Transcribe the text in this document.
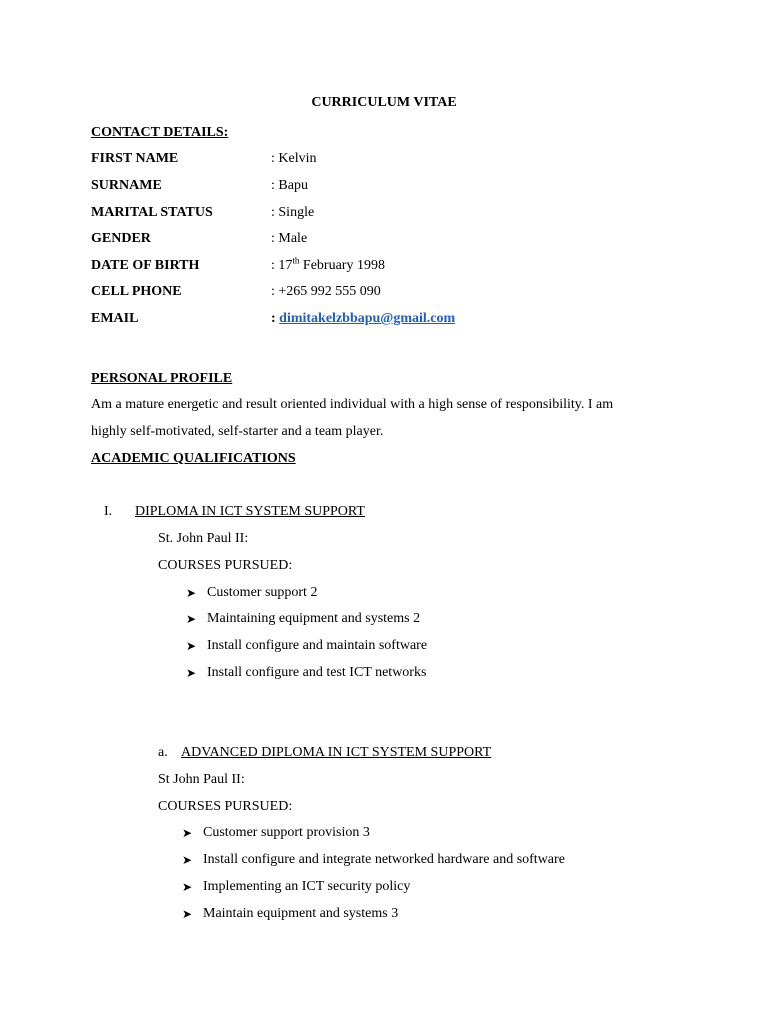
CURRICULUM VITAE
CONTACT DETAILS:
FIRST NAME	: Kelvin
SURNAME	: Bapu
MARITAL STATUS	: Single
GENDER	: Male
DATE OF BIRTH	: 17th February 1998
CELL PHONE	: +265 992 555 090
EMAIL	: dimitakelzbbapu@gmail.com
PERSONAL PROFILE
Am a mature energetic and result oriented individual with a high sense of responsibility. I am
highly self-motivated, self-starter and a team player.
ACADEMIC QUALIFICATIONS
I. DIPLOMA IN ICT SYSTEM SUPPORT
St. John Paul II:
COURSES PURSUED:
➤ Customer support 2
➤ Maintaining equipment and systems 2
➤ Install configure and maintain software
➤ Install configure and test ICT networks
a. ADVANCED DIPLOMA IN ICT SYSTEM SUPPORT
St John Paul II:
COURSES PURSUED:
➤ Customer support provision 3
➤ Install configure and integrate networked hardware and software
➤ Implementing an ICT security policy
➤ Maintain equipment and systems 3
